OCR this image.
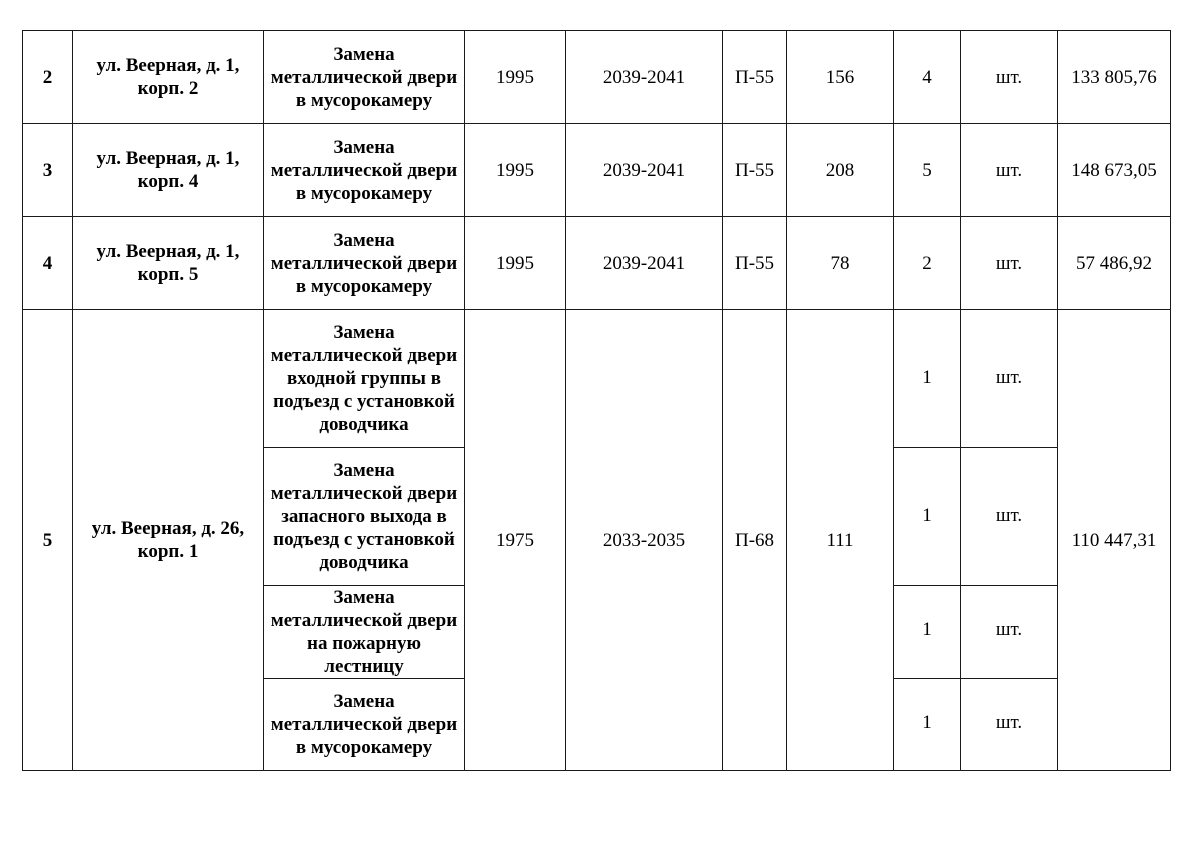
2	ул. Веерная, д. 1, корп. 2	Замена металлической двери в мусорокамеру	1995	2039-2041	П-55	156	4	шт.	133 805,76
3	ул. Веерная, д. 1, корп. 4	Замена металлической двери в мусорокамеру	1995	2039-2041	П-55	208	5	шт.	148 673,05
4	ул. Веерная, д. 1, корп. 5	Замена металлической двери в мусорокамеру	1995	2039-2041	П-55	78	2	шт.	57 486,92
5	ул. Веерная, д. 26, корп. 1	Замена металлической двери входной группы в подъезд с установкой доводчика	1975	2033-2035	П-68	111	1	шт.	110 447,31
		Замена металлической двери запасного выхода в подъезд с установкой доводчика					1	шт.	
		Замена металлической двери на пожарную лестницу					1	шт.	
		Замена металлической двери в мусорокамеру					1	шт.	
